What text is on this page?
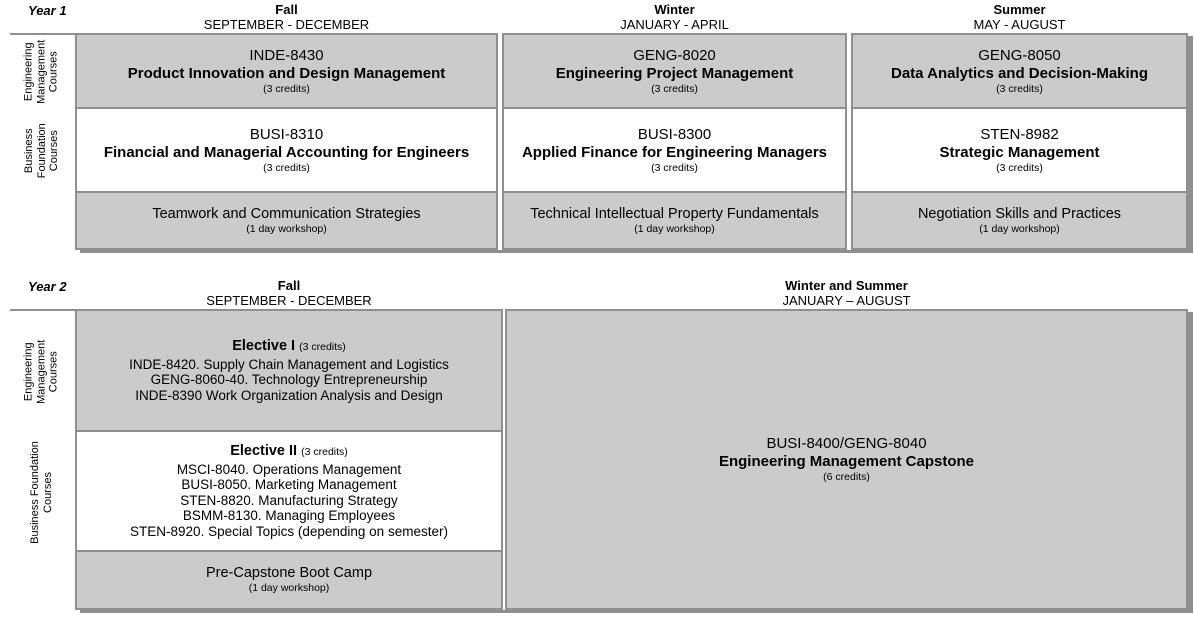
Year 1	Fall
SEPTEMBER - DECEMBER
Winter
JANUARY - APRIL
Summer
MAY - AUGUST
Engineering Management Courses
Business Foundation Courses
INDE-8430
Product Innovation and Design Management
(3 credits)
BUSI-8310
Financial and Managerial Accounting for Engineers
(3 credits)
Teamwork and Communication Strategies
(1 day workshop)
GENG-8020
Engineering Project Management
(3 credits)
BUSI-8300
Applied Finance for Engineering Managers
(3 credits)
Technical Intellectual Property Fundamentals
(1 day workshop)
GENG-8050
Data Analytics and Decision-Making
(3 credits)
STEN-8982
Strategic Management
(3 credits)
Negotiation Skills and Practices
(1 day workshop)
Year 2	Fall
SEPTEMBER - DECEMBER
Winter and Summer
JANUARY – AUGUST
Engineering Management Courses
Business Foundation Courses
Elective I (3 credits)
INDE-8420. Supply Chain Management and Logistics
GENG-8060-40. Technology Entrepreneurship
INDE-8390 Work Organization Analysis and Design
Elective II (3 credits)
MSCI-8040. Operations Management
BUSI-8050. Marketing Management
STEN-8820. Manufacturing Strategy
BSMM-8130. Managing Employees
STEN-8920. Special Topics (depending on semester)
Pre-Capstone Boot Camp
(1 day workshop)
BUSI-8400/GENG-8040
Engineering Management Capstone
(6 credits)
